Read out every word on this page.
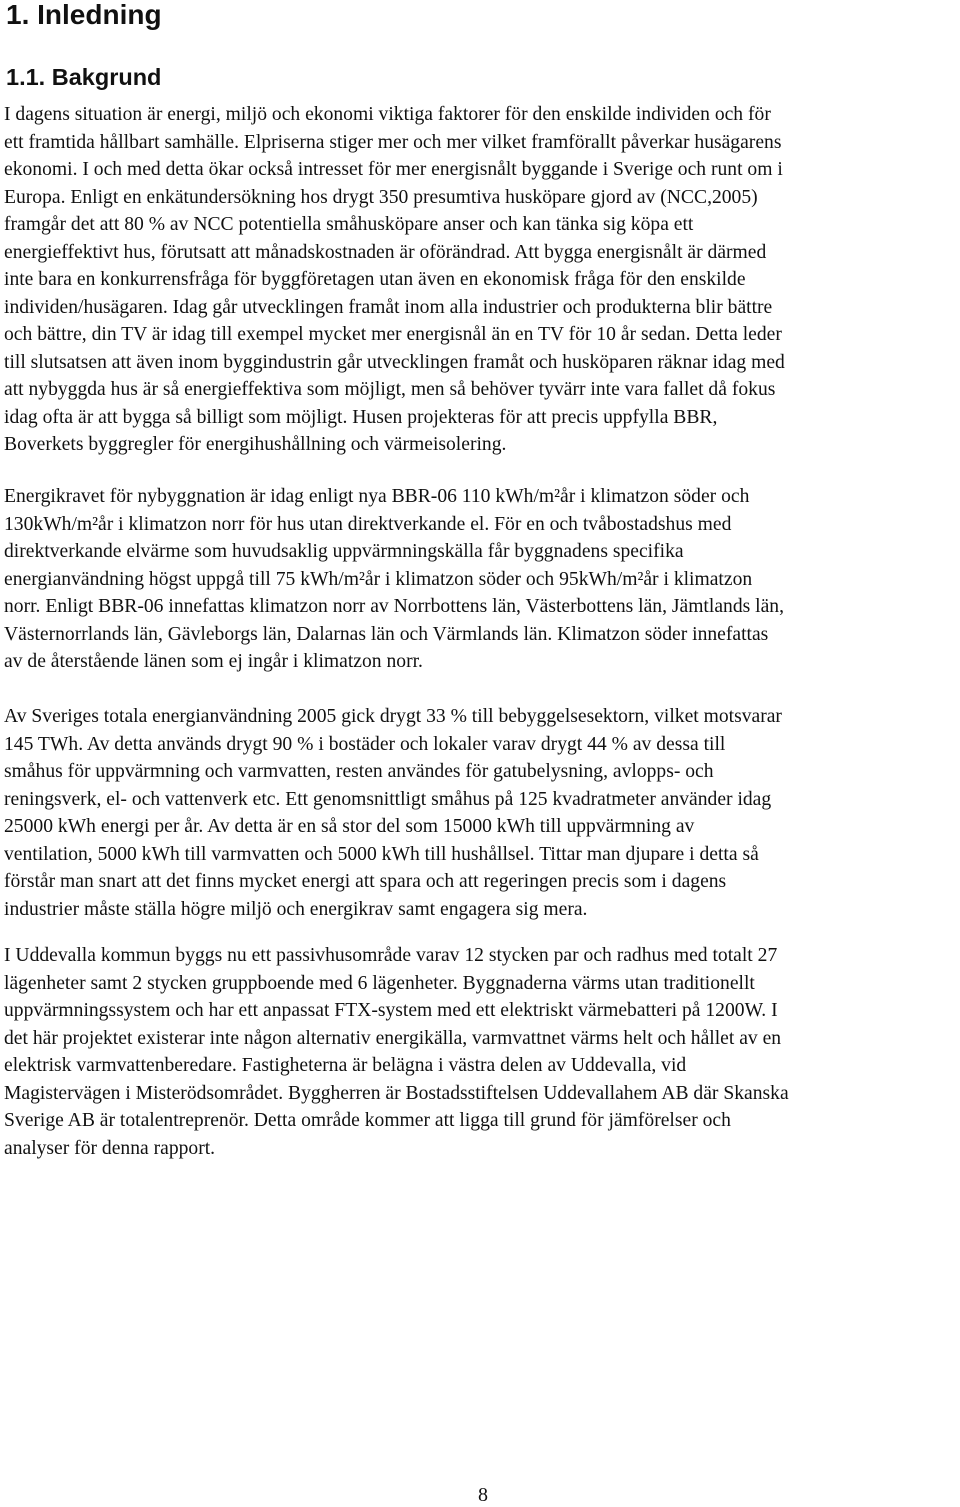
1. Inledning
1.1. Bakgrund
I dagens situation är energi, miljö och ekonomi viktiga faktorer för den enskilde individen och för
ett framtida hållbart samhälle. Elpriserna stiger mer och mer vilket framförallt påverkar husägarens
ekonomi. I och med detta ökar också intresset för mer energisnålt byggande i Sverige och runt om i
Europa. Enligt en enkätundersökning hos drygt 350 presumtiva husköpare gjord av (NCC,2005)
framgår det att 80 % av NCC potentiella småhusköpare anser och kan tänka sig köpa ett
energieffektivt hus, förutsatt att månadskostnaden är oförändrad. Att bygga energisnålt är därmed
inte bara en konkurrensfråga för byggföretagen utan även en ekonomisk fråga för den enskilde
individen/husägaren. Idag går utvecklingen framåt inom alla industrier och produkterna blir bättre
och bättre, din TV är idag till exempel mycket mer energisnål än en TV för 10 år sedan. Detta leder
till slutsatsen att även inom byggindustrin går utvecklingen framåt och husköparen räknar idag med
att nybyggda hus är så energieffektiva som möjligt, men så behöver tyvärr inte vara fallet då fokus
idag ofta är att bygga så billigt som möjligt. Husen projekteras för att precis uppfylla BBR,
Boverkets byggregler för energihushållning och värmeisolering.
Energikravet för nybyggnation är idag enligt nya BBR-06 110 kWh/m²år i klimatzon söder och
130kWh/m²år i klimatzon norr för hus utan direktverkande el. För en och tvåbostadshus med
direktverkande elvärme som huvudsaklig uppvärmningskälla får byggnadens specifika
energianvändning högst uppgå till 75 kWh/m²år i klimatzon söder och 95kWh/m²år i klimatzon
norr. Enligt BBR-06 innefattas klimatzon norr av Norrbottens län, Västerbottens län, Jämtlands län,
Västernorrlands län, Gävleborgs län, Dalarnas län och Värmlands län. Klimatzon söder innefattas
av de återstående länen som ej ingår i klimatzon norr.
Av Sveriges totala energianvändning 2005 gick drygt 33 % till bebyggelsesektorn, vilket motsvarar
145 TWh. Av detta används drygt 90 % i bostäder och lokaler varav drygt 44 % av dessa till
småhus för uppvärmning och varmvatten, resten användes för gatubelysning, avlopps- och
reningsverk, el- och vattenverk etc. Ett genomsnittligt småhus på 125 kvadratmeter använder idag
25000 kWh energi per år. Av detta är en så stor del som 15000 kWh till uppvärmning av
ventilation, 5000 kWh till varmvatten och 5000 kWh till hushållsel. Tittar man djupare i detta så
förstår man snart att det finns mycket energi att spara och att regeringen precis som i dagens
industrier måste ställa högre miljö och energikrav samt engagera sig mera.
I Uddevalla kommun byggs nu ett passivhusområde varav 12 stycken par och radhus med totalt 27
lägenheter samt 2 stycken gruppboende med 6 lägenheter. Byggnaderna värms utan traditionellt
uppvärmningssystem och har ett anpassat FTX-system med ett elektriskt värmebatteri på 1200W. I
det här projektet existerar inte någon alternativ energikälla, varmvattnet värms helt och hållet av en
elektrisk varmvattenberedare. Fastigheterna är belägna i västra delen av Uddevalla, vid
Magistervägen i Misterödsområdet. Byggherren är Bostadsstiftelsen Uddevallahem AB där Skanska
Sverige AB är totalentreprenör. Detta område kommer att ligga till grund för jämförelser och
analyser för denna rapport.
8
